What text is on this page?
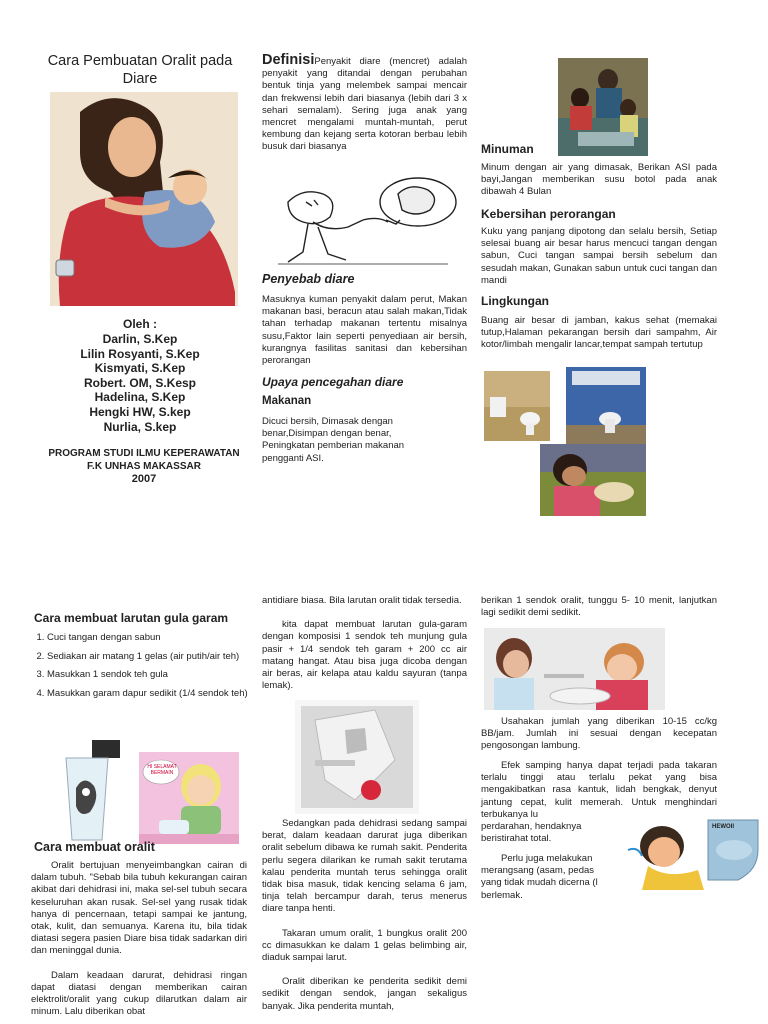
Cara Pembuatan Oralit pada Diare
Oleh :
Darlin, S.Kep
Lilin Rosyanti, S.Kep
Kismyati, S.Kep
Robert. OM, S.Kesp
Hadelina, S.Kep
Hengki HW, S.kep
Nurlia, S.kep
PROGRAM STUDI ILMU KEPERAWATAN
F.K UNHAS MAKASSAR
2007
DefinisiPenyakit diare (mencret) adalah penyakit yang ditandai dengan perubahan bentuk tinja yang melembek sampai mencair dan frekwensi lebih dari biasanya (lebih dari 3 x sehari semalam). Sering juga anak yang mencret mengalami muntah-muntah, perut kembung dan kejang serta kotoran berbau lebih busuk dari biasanya
Penyebab diare
Masuknya kuman penyakit dalam perut, Makan makanan basi, beracun atau salah makan,Tidak tahan terhadap makanan tertentu misalnya susu,Faktor lain seperti penyediaan air bersih, kurangnya fasilitas sanitasi dan kebersihan perorangan
Upaya pencegahan diare
Makanan
Dicuci bersih, Dimasak dengan benar,Disimpan dengan benar, Peningkatan pemberian makanan pengganti ASI.
Minuman
Minum dengan air yang dimasak, Berikan ASI pada bayi,Jangan memberikan susu botol pada anak dibawah 4 Bulan
Kebersihan perorangan
Kuku yang panjang dipotong dan selalu bersih, Setiap selesai buang air besar harus mencuci tangan dengan sabun, Cuci tangan sampai bersih sebelum dan sesudah makan, Gunakan sabun untuk cuci tangan dan mandi
Lingkungan
Buang air besar di jamban, kakus sehat (memakai tutup,Halaman pekarangan bersih dari sampahm, Air kotor/limbah mengalir lancar,tempat sampah tertutup
Cara membuat larutan gula garam
1. Cuci tangan dengan sabun
2. Sediakan air matang 1 gelas (air putih/air teh)
3. Masukkan 1 sendok teh gula
4. Masukkan garam dapur sedikit (1/4 sendok teh)
HI SELAMAT BERMAIN
Cara membuat oralit

Oralit bertujuan menyeimbangkan cairan di dalam tubuh. "Sebab bila tubuh kekurangan cairan akibat dari dehidrasi ini, maka sel-sel tubuh secara keseluruhan akan rusak. Sel-sel yang rusak tidak hanya di pencernaan, tetapi sampai ke jantung, otak, kulit, dan semuanya. Karena itu, bila tidak diatasi segera pasien Diare bisa tidak sadarkan diri dan meninggal dunia.

Dalam keadaan darurat, dehidrasi ringan dapat diatasi dengan memberikan cairan elektrolit/oralit yang cukup dilarutkan dalam air minum. Lalu diberikan obat

antidiare biasa. Bila larutan oralit tidak tersedia.

kita dapat membuat larutan gula-garam dengan komposisi 1 sendok teh munjung gula pasir + 1/4 sendok teh garam + 200 cc air matang hangat. Atau bisa juga dicoba dengan air beras, air kelapa atau kaldu sayuran (tanpa lemak).

Sedangkan pada dehidrasi sedang sampai berat, dalam keadaan darurat juga diberikan oralit sebelum dibawa ke rumah sakit. Penderita perlu segera dilarikan ke rumah sakit terutama kalau penderita muntah terus sehingga oralit tidak bisa masuk, tidak kencing selama 6 jam, tinja telah bercampur darah, terus menerus diare tanpa henti.

Takaran umum oralit, 1 bungkus oralit 200 cc dimasukkan ke dalam 1 gelas belimbing air, diaduk sampai larut.

Oralit diberikan ke penderita sedikit demi sedikit dengan sendok, jangan sekaligus banyak. Jika penderita muntah,

berikan 1 sendok oralit, tunggu 5- 10 menit, lanjutkan lagi sedikit demi sedikit.

Usahakan jumlah yang diberikan 10-15 cc/kg BB/jam. Jumlah ini sesuai dengan kecepatan pengosongan lambung.

Efek samping hanya dapat terjadi pada takaran terlalu tinggi atau terlalu pekat yang bisa mengakibatkan rasa kantuk, lidah bengkak, denyut jantung cepat, kulit memerah. Untuk menghindari terbukanya lu

perdarahan, hendaknya
beristirahat total.
Perlu juga melakukan
merangsang (asam, pedas
yang tidak mudah dicerna (l
berlemak.
HEWOII
